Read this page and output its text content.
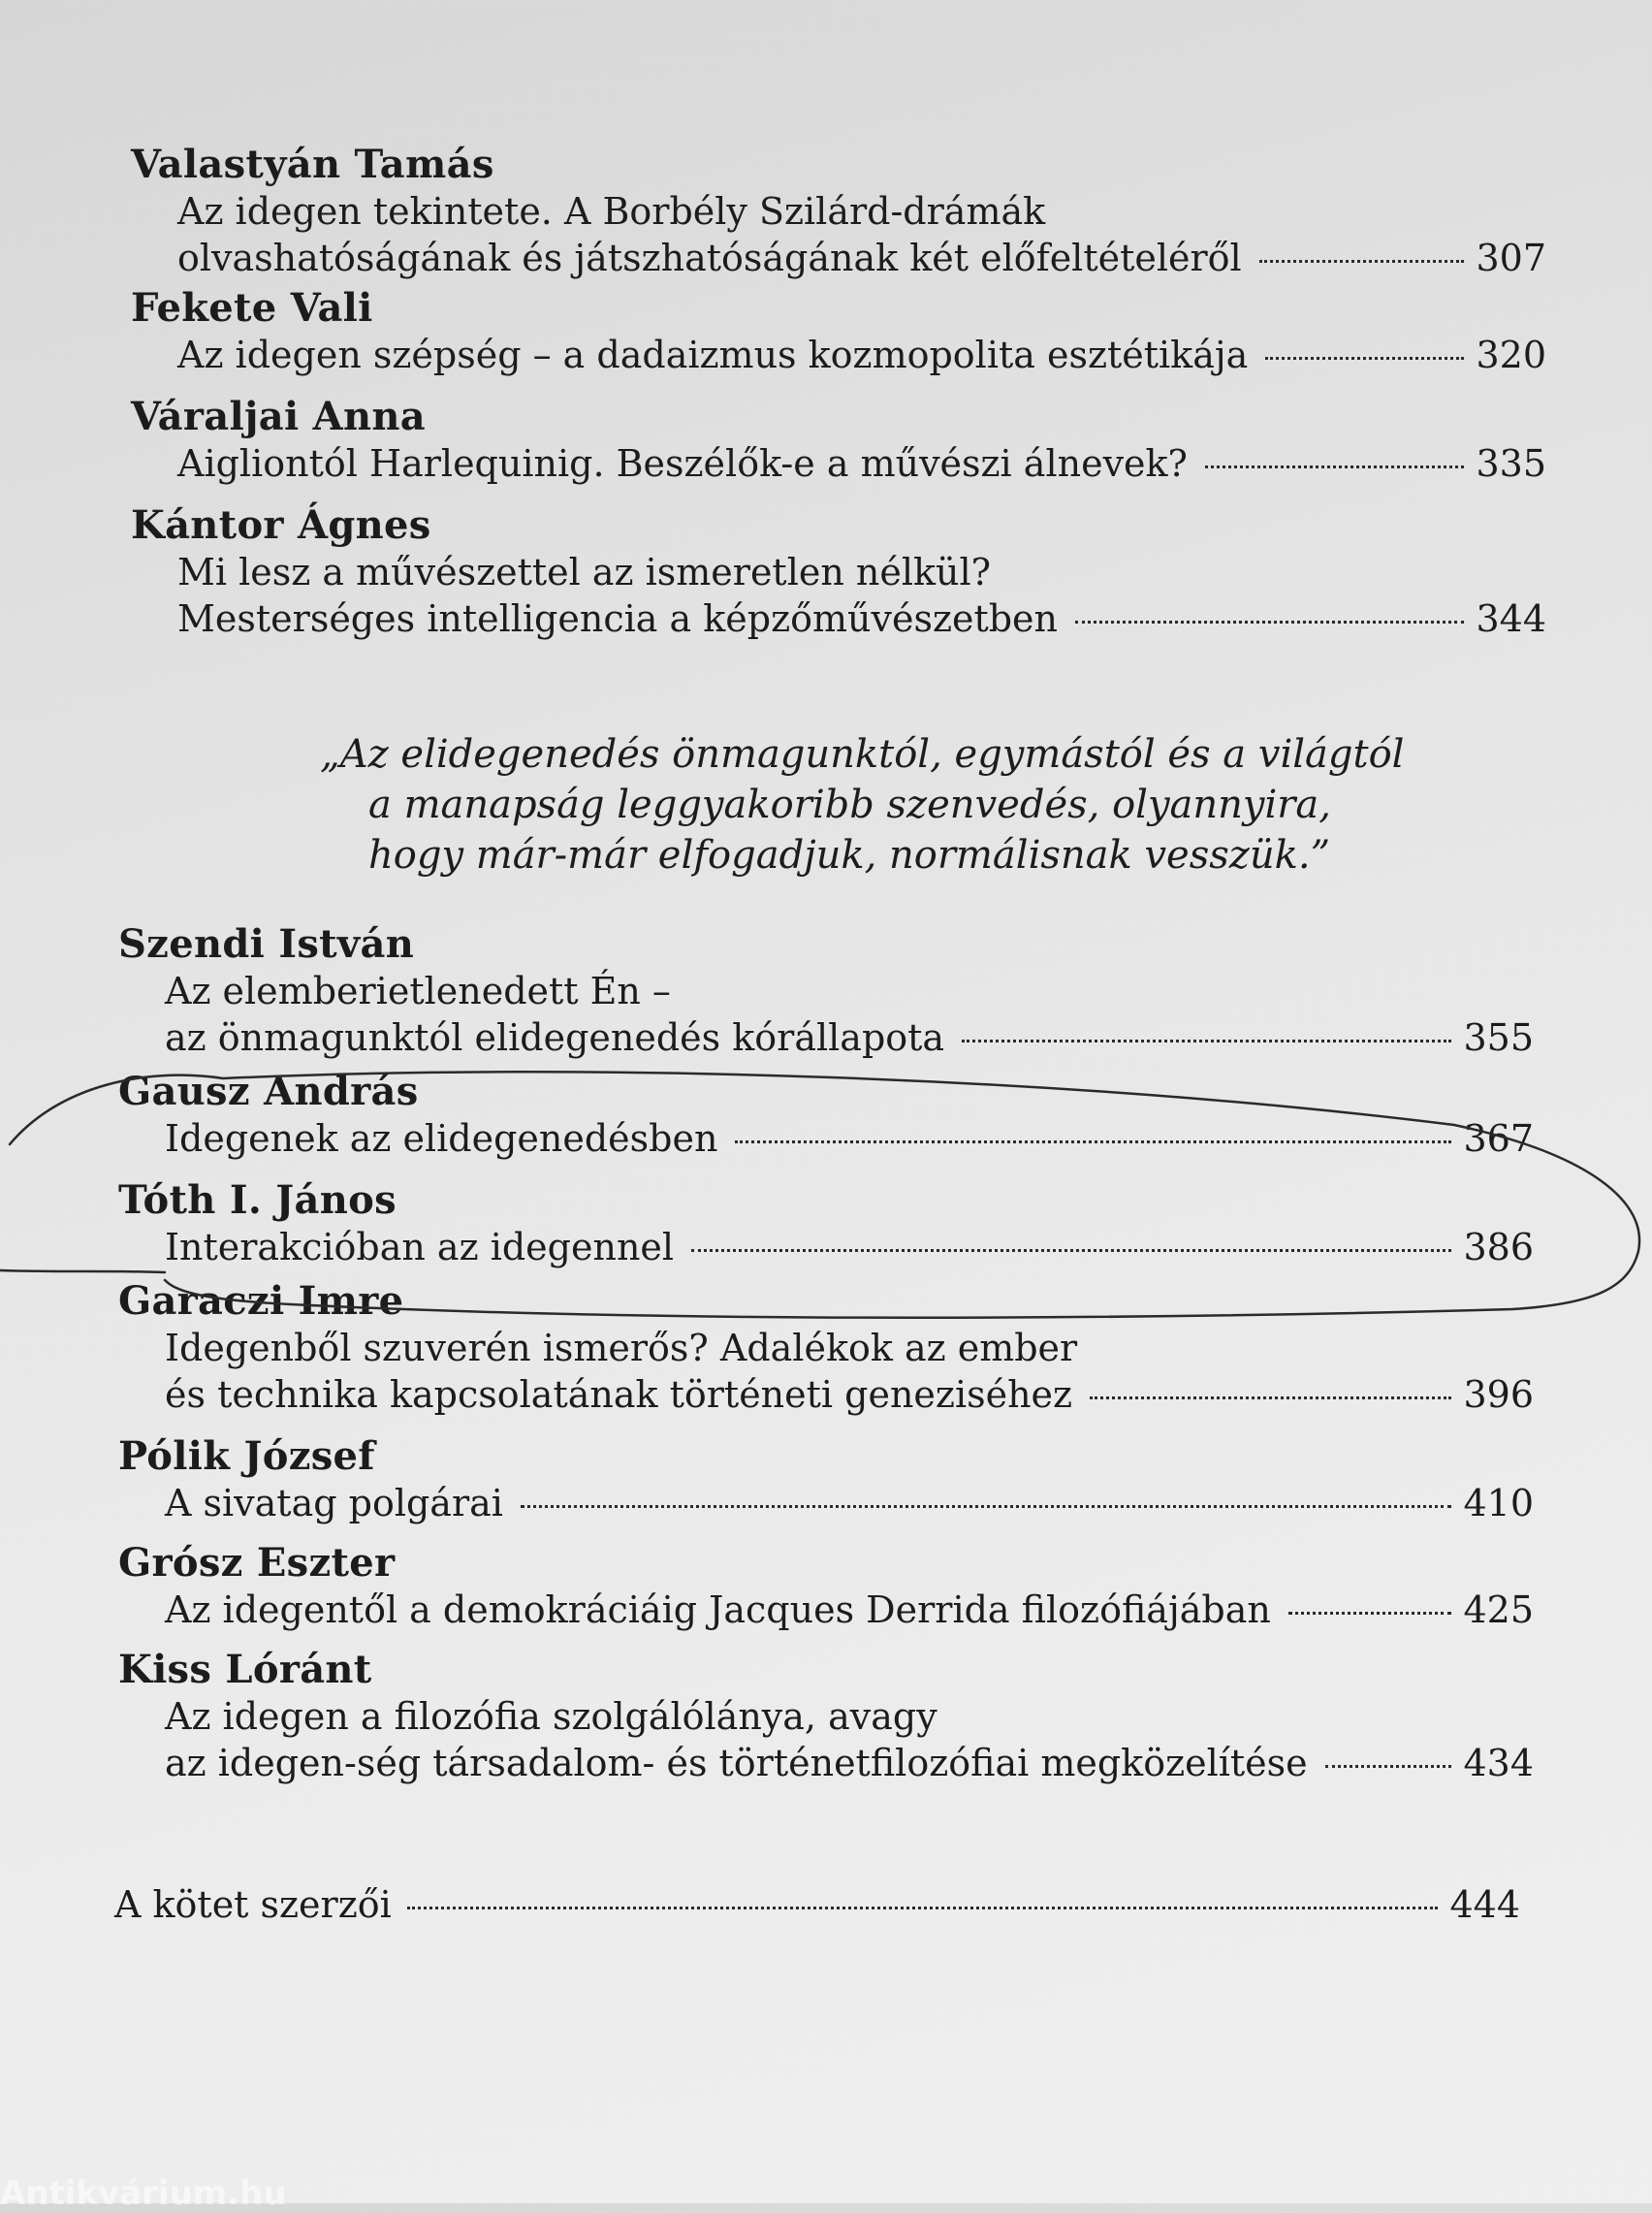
Valastyán Tamás
Az idegen tekintete. A Borbély Szilárd-drámák
olvashatóságának és játszhatóságának két előfeltételéről	307
Fekete Vali
Az idegen szépség – a dadaizmus kozmopolita esztétikája	320
Váraljai Anna
Aigliontól Harlequinig. Beszélők-e a művészi álnevek?	335
Kántor Ágnes
Mi lesz a művészettel az ismeretlen nélkül?
Mesterséges intelligencia a képzőművészetben	344
„Az elidegenedés önmagunktól, egymástól és a világtól
a manapság leggyakoribb szenvedés, olyannyira,
hogy már-már elfogadjuk, normálisnak vesszük.”
Szendi István
Az elemberietlenedett Én –
az önmagunktól elidegenedés kórállapota	355
Gausz András
Idegenek az elidegenedésben	367
Tóth I. János
Interakcióban az idegennel	386
Garaczi Imre
Idegenből szuverén ismerős? Adalékok az ember
és technika kapcsolatának történeti geneziséhez	396
Pólik József
A sivatag polgárai	410
Grósz Eszter
Az idegentől a demokráciáig Jacques Derrida filozófiájában	425
Kiss Lóránt
Az idegen a filozófia szolgálólánya, avagy
az idegen-ség társadalom- és történetfilozófiai megközelítése	434
A kötet szerzői	444
Antikvárium.hu
